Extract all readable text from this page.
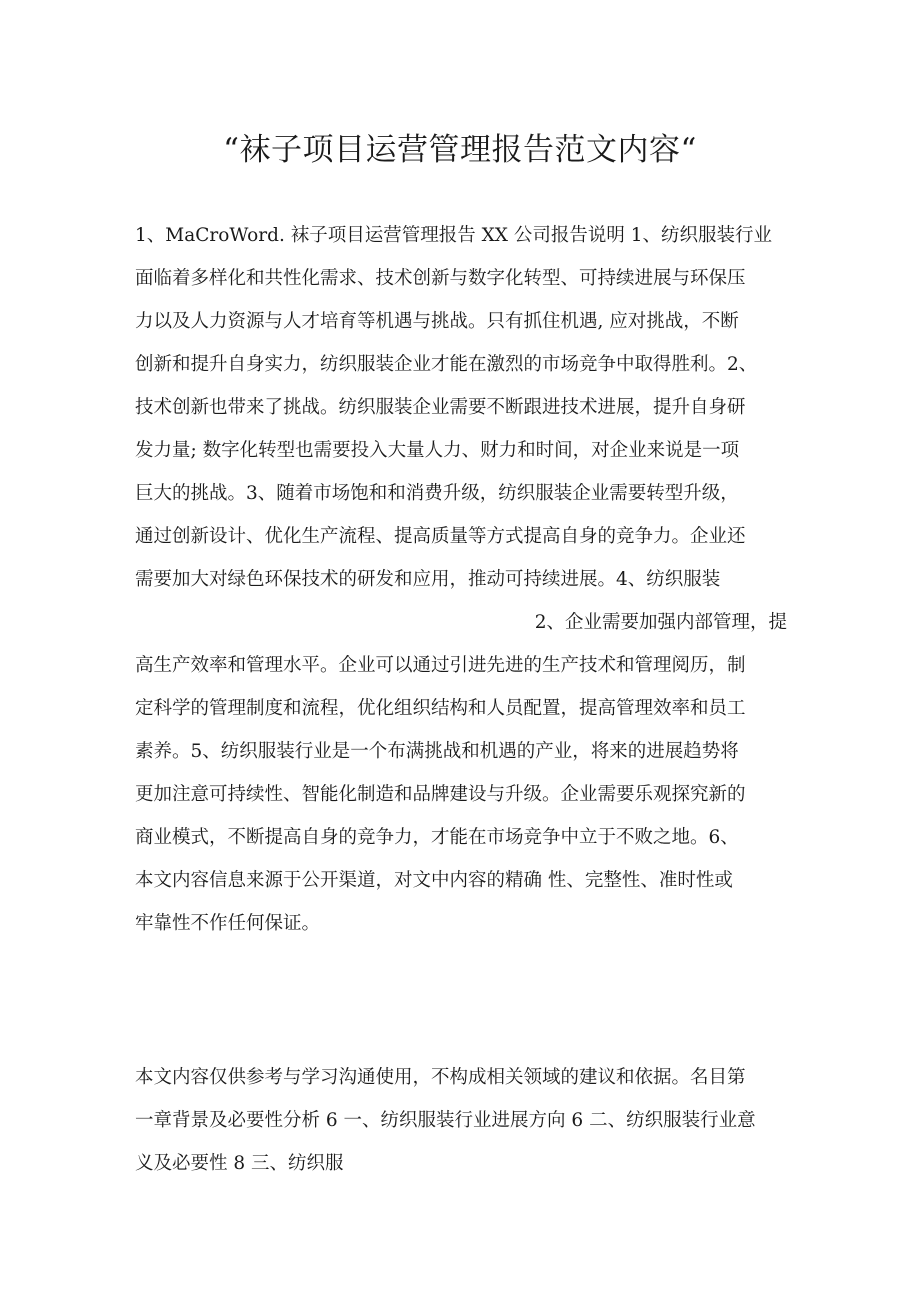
“袜子项目运营管理报告范文内容“
1、MaCroWord. 袜子项目运营管理报告 XX 公司报告说明 1、纺织服装行业
面临着多样化和共性化需求、技术创新与数字化转型、可持续进展与环保压
力以及人力资源与人才培育等机遇与挑战。只有抓住机遇, 应对挑战，不断
创新和提升自身实力，纺织服装企业才能在激烈的市场竞争中取得胜利。2、
技术创新也带来了挑战。纺织服装企业需要不断跟进技术进展，提升自身研
发力量; 数字化转型也需要投入大量人力、财力和时间，对企业来说是一项
巨大的挑战。3、随着市场饱和和消费升级，纺织服装企业需要转型升级，
通过创新设计、优化生产流程、提高质量等方式提高自身的竞争力。企业还
需要加大对绿色环保技术的研发和应用，推动可持续进展。4、纺织服装
2、企业需要加强内部管理，提
高生产效率和管理水平。企业可以通过引进先进的生产技术和管理阅历，制
定科学的管理制度和流程，优化组织结构和人员配置，提高管理效率和员工
素养。5、纺织服装行业是一个布满挑战和机遇的产业，将来的进展趋势将
更加注意可持续性、智能化制造和品牌建设与升级。企业需要乐观探究新的
商业模式，不断提高自身的竞争力，才能在市场竞争中立于不败之地。6、
本文内容信息来源于公开渠道，对文中内容的精确 性、完整性、准时性或
牢靠性不作任何保证。
本文内容仅供参考与学习沟通使用，不构成相关领域的建议和依据。名目第
一章背景及必要性分析 6 一、纺织服装行业进展方向 6 二、纺织服装行业意
义及必要性 8 三、纺织服
